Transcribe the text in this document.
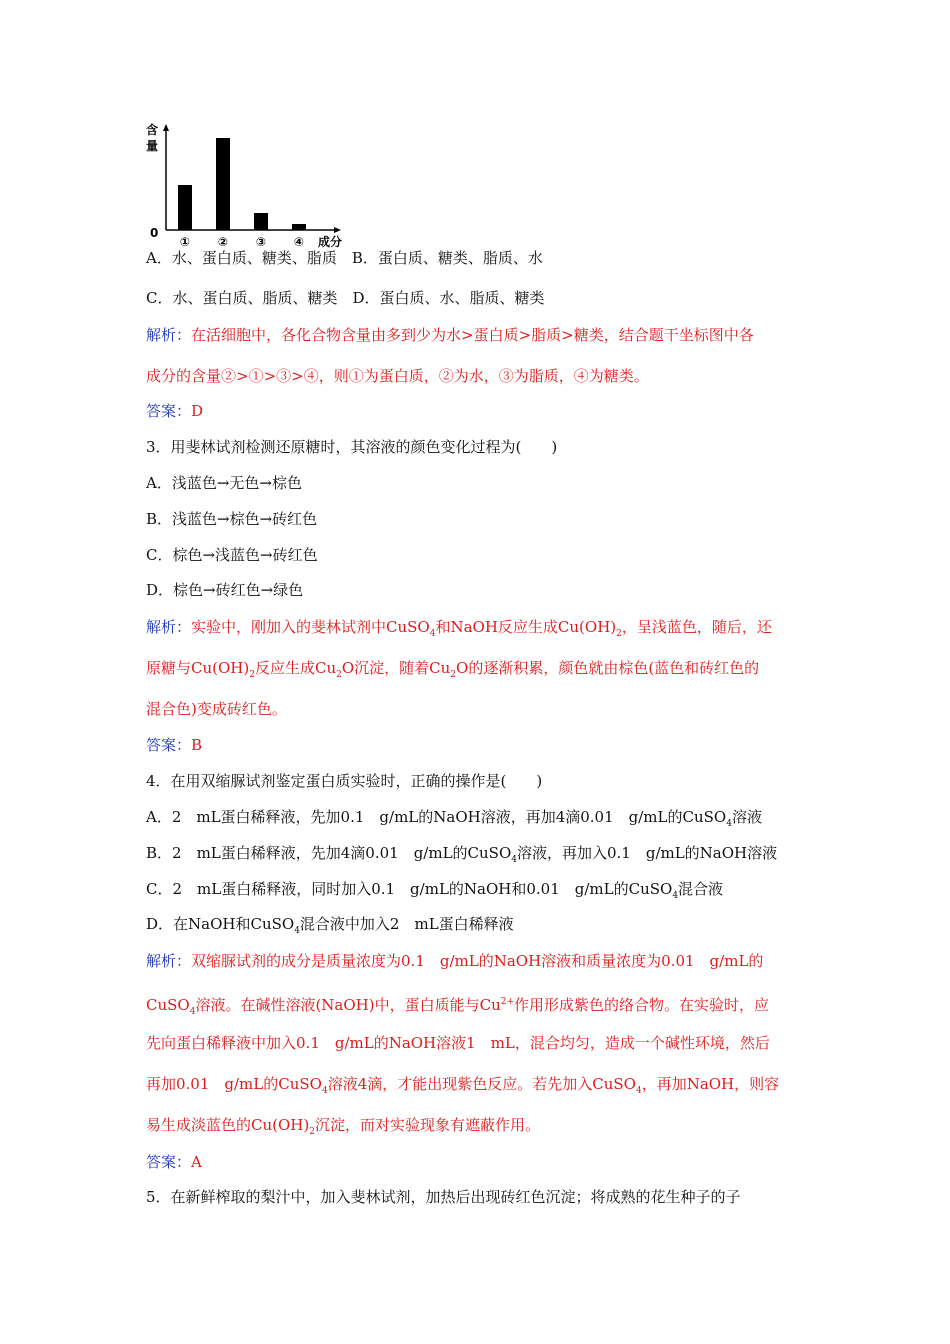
含
量
0
① ② ③ ④ 成分
A．水、蛋白质、糖类、脂质　B．蛋白质、糖类、脂质、水
C．水、蛋白质、脂质、糖类　D．蛋白质、水、脂质、糖类
解析：在活细胞中，各化合物含量由多到少为水>蛋白质>脂质>糖类，结合题干坐标图中各
成分的含量②>①>③>④，则①为蛋白质，②为水，③为脂质，④为糖类。
答案：D
3．用斐林试剂检测还原糖时，其溶液的颜色变化过程为(　　)
A．浅蓝色→无色→棕色
B．浅蓝色→棕色→砖红色
C．棕色→浅蓝色→砖红色
D．棕色→砖红色→绿色
解析：实验中，刚加入的斐林试剂中CuSO$_4$和NaOH反应生成$Cu(OH)_2$，呈浅蓝色，随后，还
原糖与$Cu(OH)_2$反应生成$Cu_2O$沉淀，随着$Cu_2O$的逐渐积累，颜色就由棕色(蓝色和砖红色的
混合色)变成砖红色。
答案：B
4．在用双缩脲试剂鉴定蛋白质实验时，正确的操作是(　　)
A．2　mL蛋白稀释液，先加0.1　g/mL的NaOH溶液，再加4滴0.01　g/mL的CuSO$_4$溶液
B．2　mL蛋白稀释液，先加4滴0.01　g/mL的CuSO$_4$溶液，再加入0.1　g/mL的NaOH溶液
C．2　mL蛋白稀释液，同时加入0.1　g/mL的NaOH和0.01　g/mL的CuSO$_4$混合液
D．在NaOH和CuSO$_4$混合液中加入2　mL蛋白稀释液
解析：双缩脲试剂的成分是质量浓度为0.1　g/mL的NaOH溶液和质量浓度为0.01　g/mL的
CuSO$_4$溶液。在碱性溶液(NaOH)中，蛋白质能与$Cu^{2+}$作用形成紫色的络合物。在实验时，应
先向蛋白稀释液中加入0.1　g/mL的NaOH溶液1　mL，混合均匀，造成一个碱性环境，然后
再加0.01　g/mL的CuSO$_4$溶液4滴，才能出现紫色反应。若先加入CuSO$_4$，再加NaOH，则容
易生成淡蓝色的$Cu(OH)_2$沉淀，而对实验现象有遮蔽作用。
答案：A
5．在新鲜榨取的梨汁中，加入斐林试剂，加热后出现砖红色沉淀；将成熟的花生种子的子
